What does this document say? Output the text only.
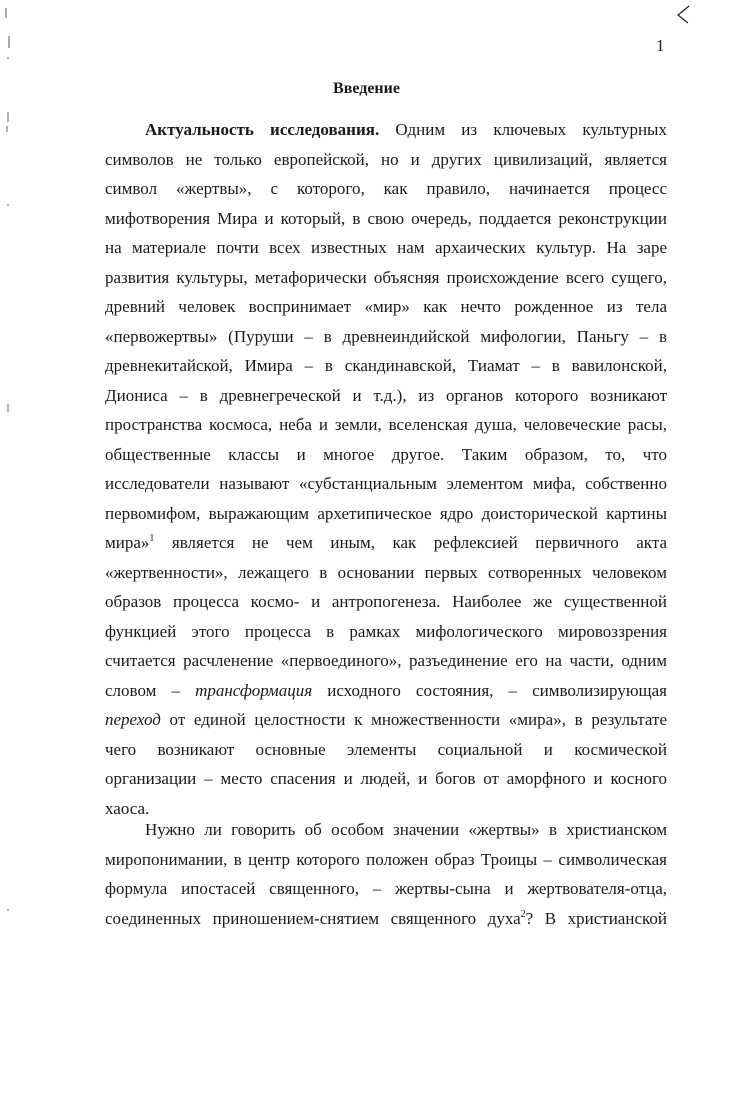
1
Введение
Актуальность исследования. Одним из ключевых культурных
символов не только европейской, но и других цивилизаций, является
символ «жертвы», с которого, как правило, начинается процесс
мифотворения Мира и который, в свою очередь, поддается реконструкции
на материале почти всех известных нам архаических культур. На заре
развития культуры, метафорически объясняя происхождение всего сущего,
древний человек воспринимает «мир» как нечто рожденное из тела
«первожертвы» (Пуруши – в древнеиндийской мифологии, Паньгу – в
древнекитайской, Имира – в скандинавской, Тиамат – в вавилонской,
Диониса – в древнегреческой и т.д.), из органов которого возникают
пространства космоса, неба и земли, вселенская душа, человеческие расы,
общественные классы и многое другое. Таким образом, то, что
исследователи называют «субстанциальным элементом мифа, собственно
первомифом, выражающим архетипическое ядро доисторической картины
мира»$^1$ является не чем иным, как рефлексией первичного акта
«жертвенности», лежащего в основании первых сотворенных человеком
образов процесса космо- и антропогенеза. Наиболее же существенной
функцией этого процесса в рамках мифологического мировоззрения
считается расчленение «первоединого», разъединение его на части, одним
словом – трансформация исходного состояния, – символизирующая
переход от единой целостности к множественности «мира», в результате
чего возникают основные элементы социальной и космической
организации – место спасения и людей, и богов от аморфного и косного
хаоса.
Нужно ли говорить об особом значении «жертвы» в христианском
миропонимании, в центр которого положен образ Троицы – символическая
формула ипостасей священного, – жертвы-сына и жертвователя-отца,
соединенных приношением-снятием священного духа$^2$? В христианской
